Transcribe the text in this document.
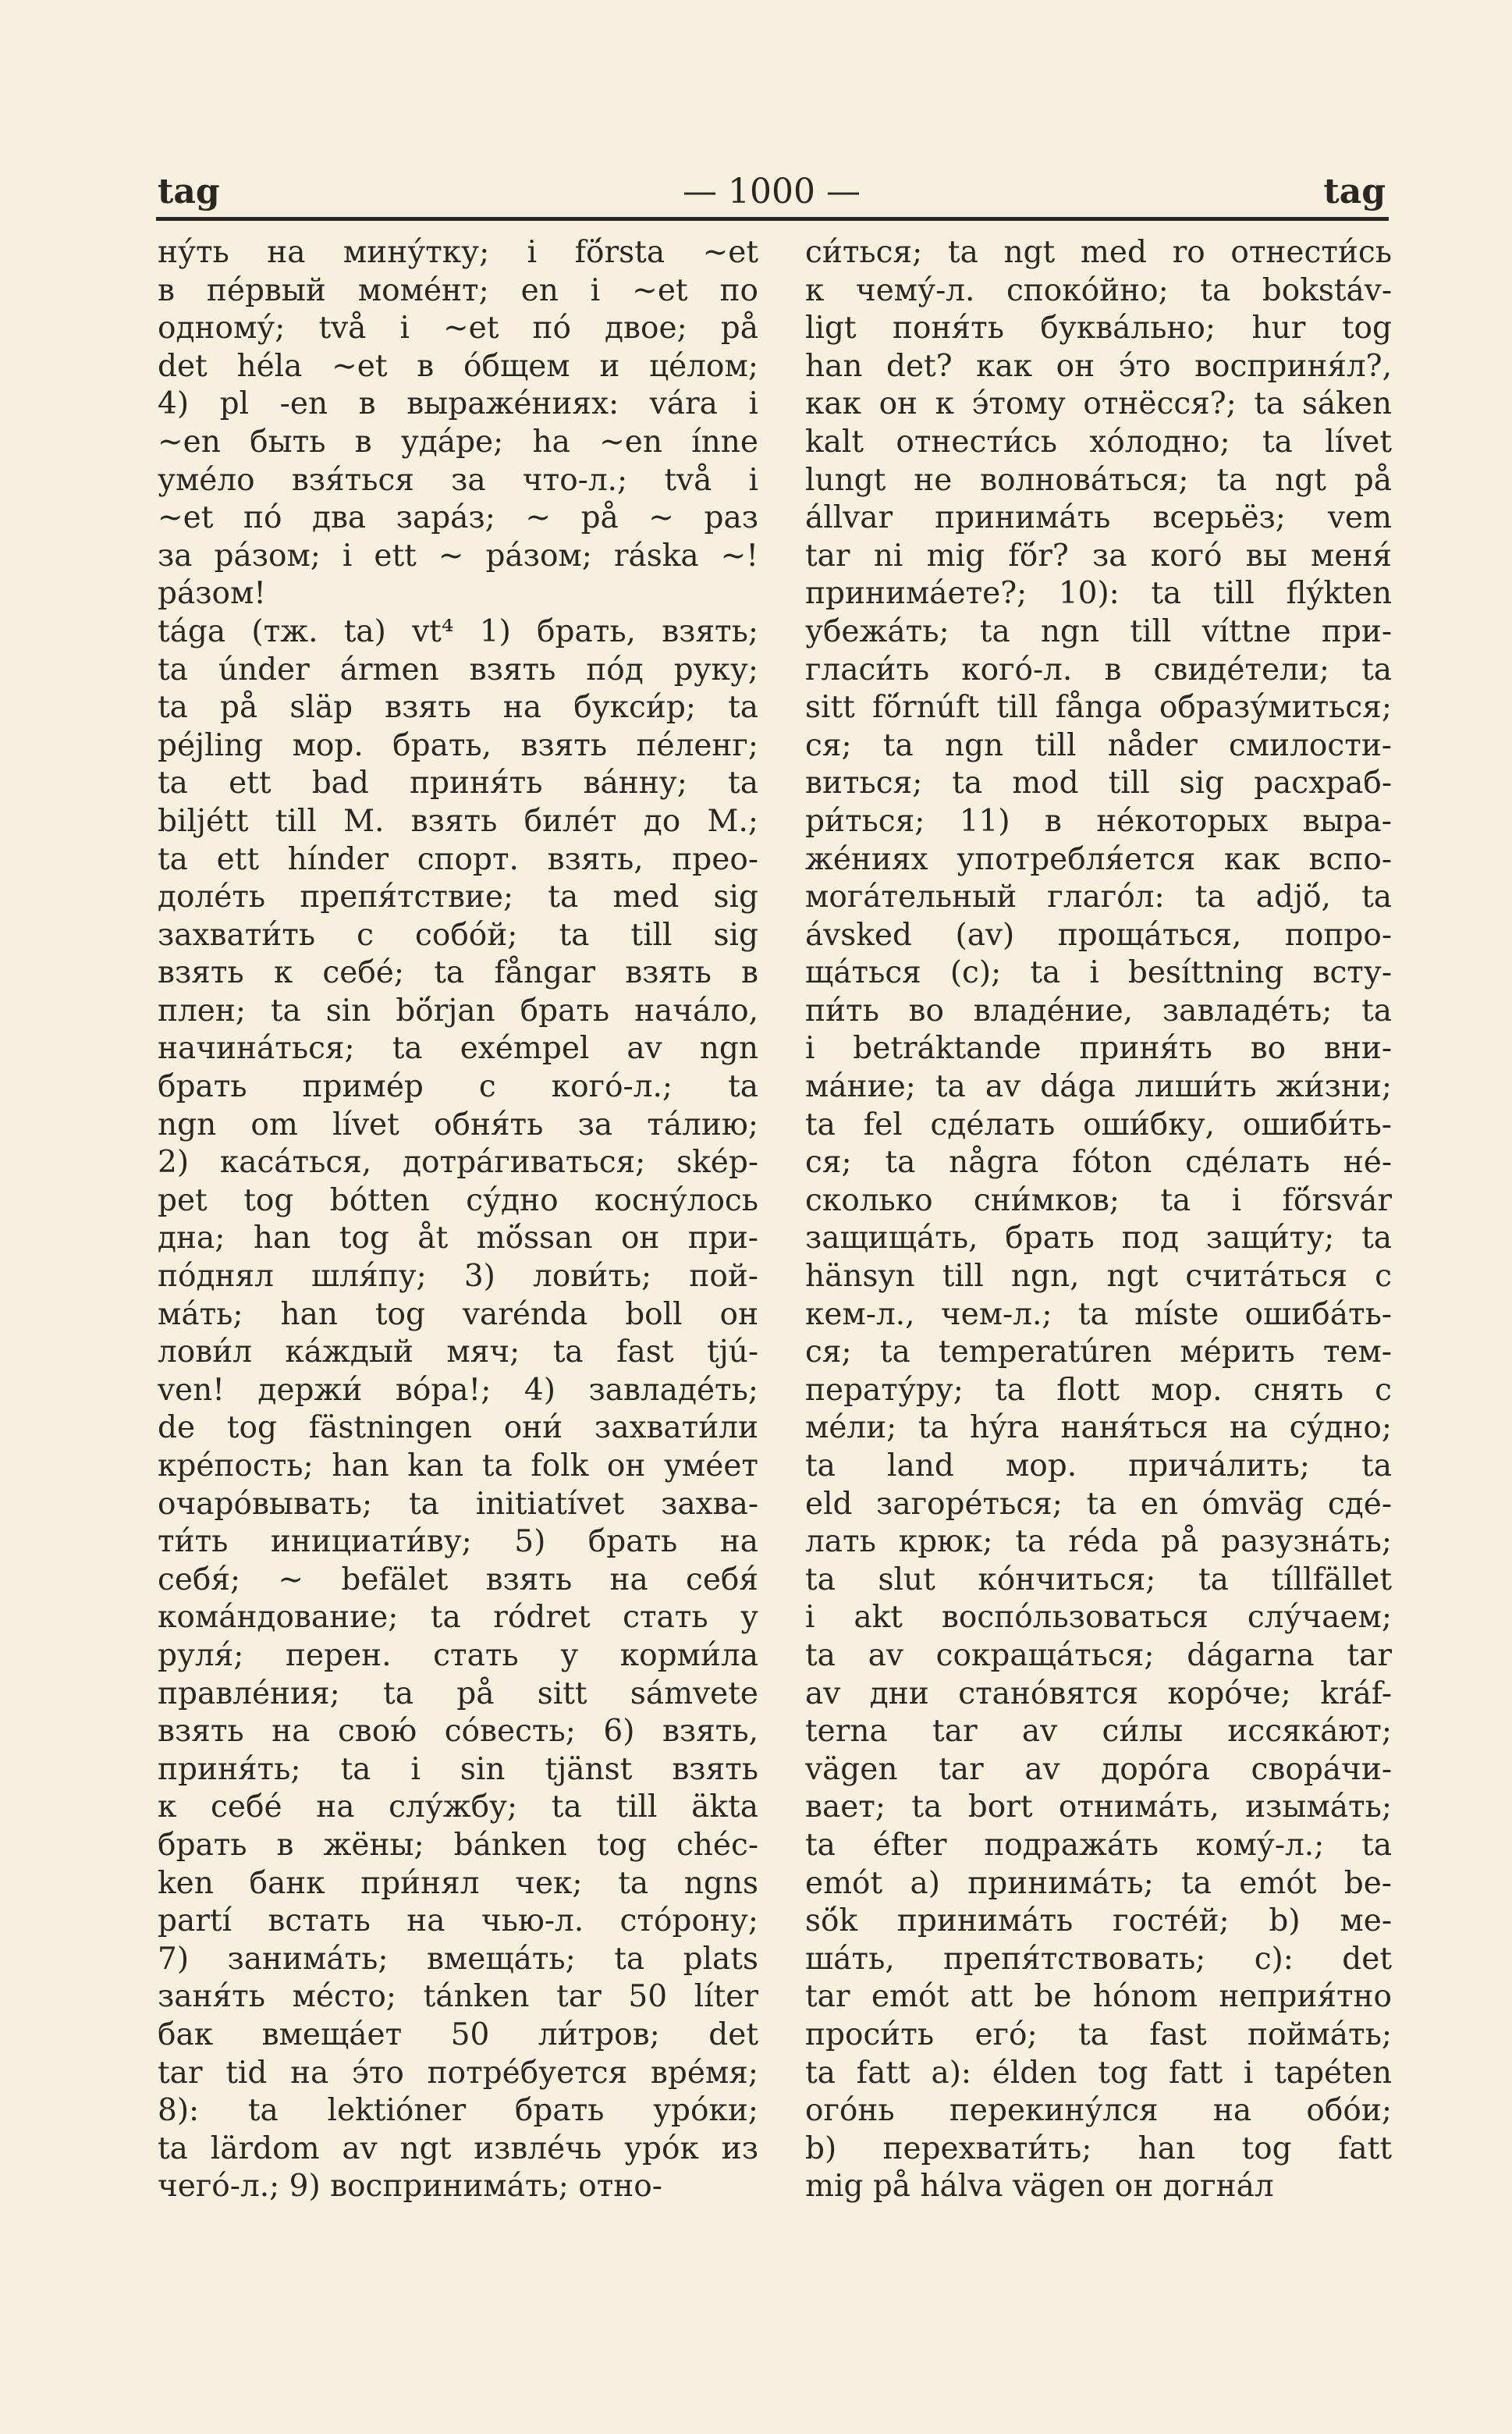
tag	— 1000 —	tag
ну́ть на мину́тку; i fö́rsta ~et
в пе́рвый моме́нт; en i ~et по
одному́; två i ~et по́ двое; på
det héla ~et в о́бщем и це́лом;
4) pl -en в выраже́ниях: vára i
~en быть в уда́ре; ha ~en ínne
уме́ло взя́ться за что-л.; två i
~et по́ два зара́з; ~ på ~ раз
за ра́зом; i ett ~ ра́зом; ráska ~!
ра́зом!
tága (тж. ta) vt⁴ 1) брать, взять;
ta únder ármen взять по́д руку;
ta på släp взять на букси́р; ta
péjling мор. брать, взять пе́ленг;
ta ett bad приня́ть ва́нну; ta
biljétt till M. взять биле́т до M.;
ta ett hínder спорт. взять, прео-
доле́ть препя́тствие; ta med sig
захвати́ть с собо́й; ta till sig
взять к себе́; ta fångar взять в
плен; ta sin bö́rjan брать нача́ло,
начина́ться; ta exémpel av ngn
брать приме́р с кого́-л.; ta
ngn om lívet обня́ть за та́лию;
2) каса́ться, дотра́гиваться; skép-
pet tog bótten су́дно косну́лось
дна; han tog åt mö́ssan он при-
по́днял шля́пу; 3) лови́ть; пой-
ма́ть; han tog varénda boll он
лови́л ка́ждый мяч; ta fast tjú-
ven! держи́ во́ра!; 4) завладе́ть;
de tog fästningen они́ захвати́ли
кре́пость; han kan ta folk он уме́ет
очаро́вывать; ta initiatívet захва-
ти́ть инициати́ву; 5) брать на
себя́; ~ befälet взять на себя́
кома́ндование; ta ródret стать у
руля́; перен. стать у корми́ла
правле́ния; ta på sitt sámvete
взять на свою́ со́весть; 6) взять,
приня́ть; ta i sin tjänst взять
к себе́ на слу́жбу; ta till äkta
брать в жёны; bánken tog chéc-
ken банк при́нял чек; ta ngns
partí встать на чью-л. сто́рону;
7) занима́ть; вмеща́ть; ta plats
заня́ть ме́сто; tánken tar 50 líter
бак вмеща́ет 50 ли́тров; det
tar tid на э́то потре́буется вре́мя;
8): ta lektióner брать уро́ки;
ta lärdom av ngt извле́чь уро́к из
чего́-л.; 9) воспринима́ть; отно-
си́ться; ta ngt med ro отнести́сь
к чему́-л. споко́йно; ta bokstáv-
ligt поня́ть буква́льно; hur tog
han det? как он э́то восприня́л?,
как он к э́тому отнёсся?; ta sáken
kalt отнести́сь хо́лодно; ta lívet
lungt не волнова́ться; ta ngt på
állvar принима́ть всерьёз; vem
tar ni mig fö́r? за кого́ вы меня́
принима́ете?; 10): ta till flýkten
убежа́ть; ta ngn till víttne при-
гласи́ть кого́-л. в свиде́тели; ta
sitt fö́rnúft till fånga образу́миться;
ся; ta ngn till nåder смилости-
виться; ta mod till sig расхраб-
ри́ться; 11) в не́которых выра-
же́ниях употребля́ется как вспо-
мога́тельный глаго́л: ta adjö́, ta
ávsked (av) проща́ться, попро-
ща́ться (с); ta i besíttning всту-
пи́ть во владе́ние, завладе́ть; ta
i betráktande приня́ть во вни-
ма́ние; ta av dága лиши́ть жи́зни;
ta fel сде́лать оши́бку, ошиби́ть-
ся; ta några fóton сде́лать не́-
сколько сни́мков; ta i fö́rsvár
защища́ть, брать под защи́ту; ta
hänsyn till ngn, ngt счита́ться с
кем-л., чем-л.; ta míste ошиба́ть-
ся; ta temperatúren ме́рить тем-
перату́ру; ta flott мор. снять с
ме́ли; ta hýra наня́ться на су́дно;
ta land мор. прича́лить; ta
eld загоре́ться; ta en ómväg сде́-
лать крюк; ta réda på разузна́ть;
ta slut ко́нчиться; ta tíllfället
i akt воспо́льзоваться слу́чаем;
ta av сокраща́ться; dágarna tar
av дни стано́вятся коро́че; kráf-
terna tar av си́лы иссяка́ют;
vägen tar av доро́га свора́чи-
вает; ta bort отнима́ть, изыма́ть;
ta éfter подража́ть кому́-л.; ta
emót a) принима́ть; ta emót be-
sö́k принима́ть госте́й; b) ме-
ша́ть, препя́тствовать; c): det
tar emót att be hónom неприя́тно
проси́ть его́; ta fast пойма́ть;
ta fatt a): élden tog fatt i tapéten
ого́нь перекину́лся на обо́и;
b) перехвати́ть; han tog fatt
mig på hálva vägen он догна́л
